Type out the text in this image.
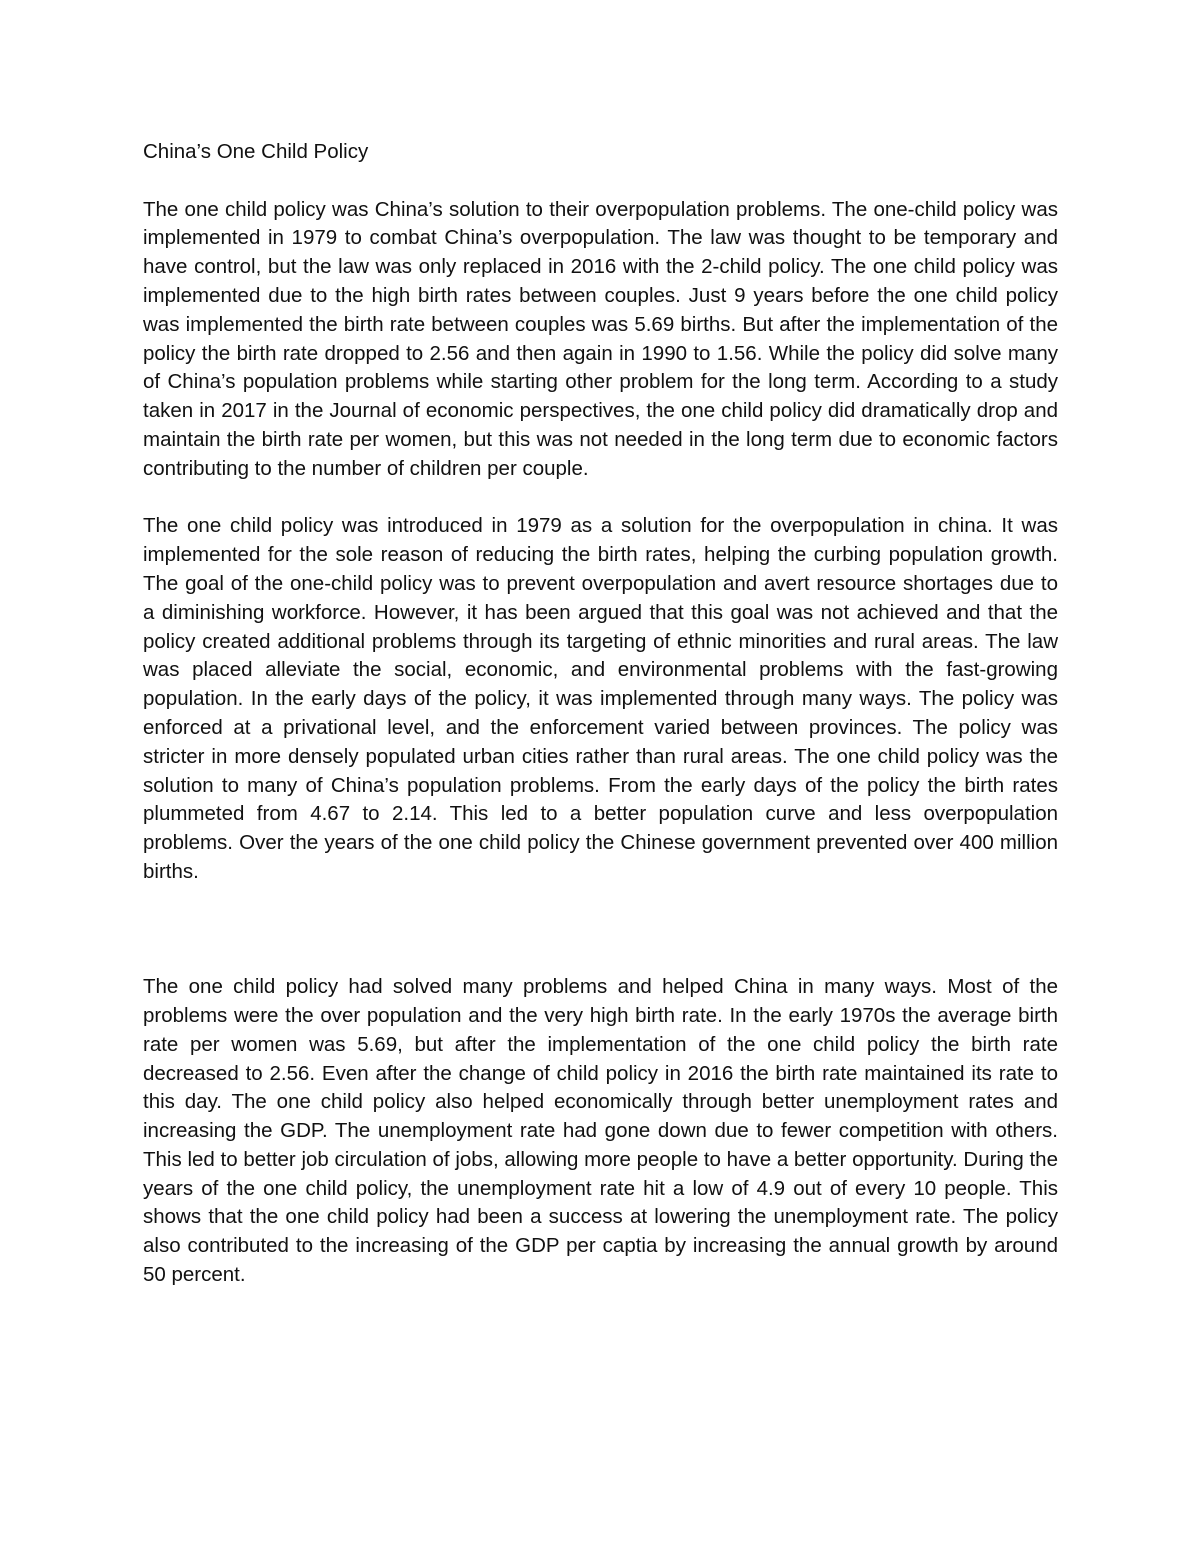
China’s One Child Policy

The one child policy was China’s solution to their overpopulation problems. The one-child policy was implemented in 1979 to combat China’s overpopulation. The law was thought to be temporary and have control, but the law was only replaced in 2016 with the 2-child policy. The one child policy was implemented due to the high birth rates between couples. Just 9 years before the one child policy was implemented the birth rate between couples was 5.69 births. But after the implementation of the policy the birth rate dropped to 2.56 and then again in 1990 to 1.56. While the policy did solve many of China’s population problems while starting other problem for the long term. According to a study taken in 2017 in the Journal of economic perspectives, the one child policy did dramatically drop and maintain the birth rate per women, but this was not needed in the long term due to economic factors contributing to the number of children per couple.

The one child policy was introduced in 1979 as a solution for the overpopulation in china. It was implemented for the sole reason of reducing the birth rates, helping the curbing population growth. The goal of the one-child policy was to prevent overpopulation and avert resource shortages due to a diminishing workforce. However, it has been argued that this goal was not achieved and that the policy created additional problems through its targeting of ethnic minorities and rural areas. The law was placed alleviate the social, economic, and environmental problems with the fast-growing population. In the early days of the policy, it was implemented through many ways. The policy was enforced at a privational level, and the enforcement varied between provinces. The policy was stricter in more densely populated urban cities rather than rural areas. The one child policy was the solution to many of China’s population problems. From the early days of the policy the birth rates plummeted from 4.67 to 2.14. This led to a better population curve and less overpopulation problems. Over the years of the one child policy the Chinese government prevented over 400 million births.

The one child policy had solved many problems and helped China in many ways. Most of the problems were the over population and the very high birth rate. In the early 1970s the average birth rate per women was 5.69, but after the implementation of the one child policy the birth rate decreased to 2.56. Even after the change of child policy in 2016 the birth rate maintained its rate to this day. The one child policy also helped economically through better unemployment rates and increasing the GDP. The unemployment rate had gone down due to fewer competition with others. This led to better job circulation of jobs, allowing more people to have a better opportunity. During the years of the one child policy, the unemployment rate hit a low of 4.9 out of every 10 people. This shows that the one child policy had been a success at lowering the unemployment rate. The policy also contributed to the increasing of the GDP per captia by increasing the annual growth by around 50 percent.
